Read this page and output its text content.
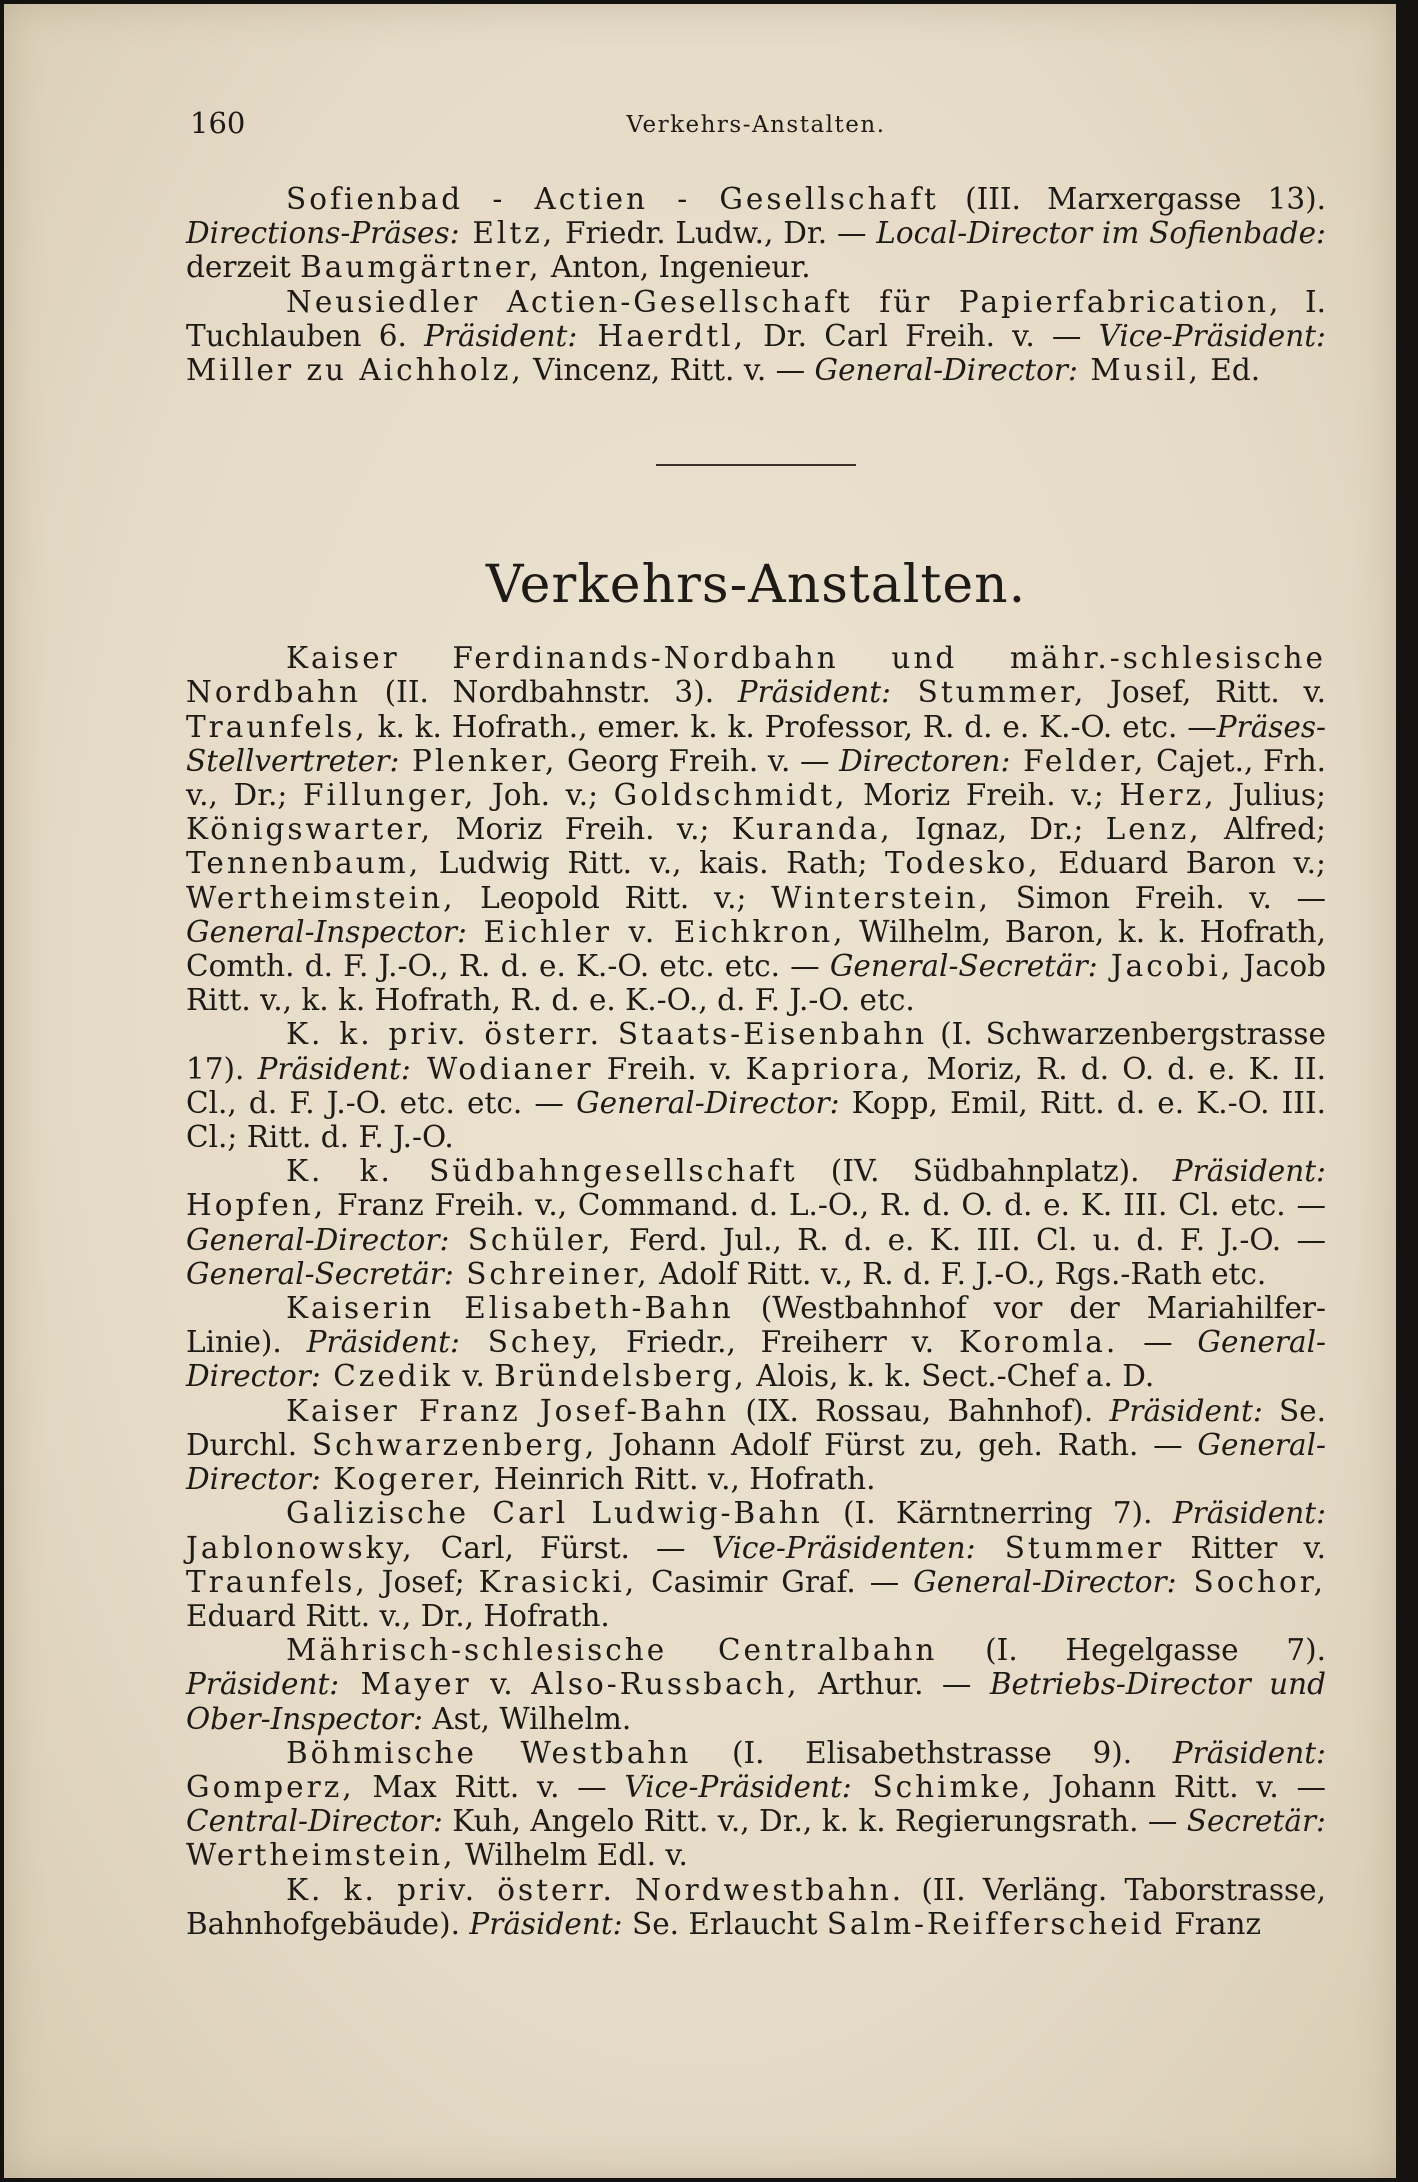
160	Verkehrs-Anstalten.

Sofienbad - Actien - Gesellschaft (III. Marxergasse 13). Directions-Präses: Eltz, Friedr. Ludw., Dr. — Local-Director im Sofienbade: derzeit Baumgärtner, Anton, Ingenieur.

Neusiedler Actien-Gesellschaft für Papierfabrication, I. Tuchlauben 6. Präsident: Haerdtl, Dr. Carl Freih. v. — Vice-Präsident: Miller zu Aichholz, Vincenz, Ritt. v. — General-Director: Musil, Ed.

Verkehrs-Anstalten.

Kaiser Ferdinands-Nordbahn und mähr.-schlesische Nordbahn (II. Nordbahnstr. 3). Präsident: Stummer, Josef, Ritt. v. Traunfels, k. k. Hofrath., emer. k. k. Professor, R. d. e. K.-O. etc. —Präses-Stellvertreter: Plenker, Georg Freih. v. — Directoren: Felder, Cajet., Frh. v., Dr.; Fillunger, Joh. v.; Goldschmidt, Moriz Freih. v.; Herz, Julius; Königswarter, Moriz Freih. v.; Kuranda, Ignaz, Dr.; Lenz, Alfred; Tennenbaum, Ludwig Ritt. v., kais. Rath; Todesko, Eduard Baron v.; Wertheimstein, Leopold Ritt. v.; Winterstein, Simon Freih. v. — General-Inspector: Eichler v. Eichkron, Wilhelm, Baron, k. k. Hofrath, Comth. d. F. J.-O., R. d. e. K.-O. etc. etc. — General-Secretär: Jacobi, Jacob Ritt. v., k. k. Hofrath, R. d. e. K.-O., d. F. J.-O. etc.

K. k. priv. österr. Staats-Eisenbahn (I. Schwarzenbergstrasse 17). Präsident: Wodianer Freih. v. Kapriora, Moriz, R. d. O. d. e. K. II. Cl., d. F. J.-O. etc. etc. — General-Director: Kopp, Emil, Ritt. d. e. K.-O. III. Cl.; Ritt. d. F. J.-O.

K. k. Südbahngesellschaft (IV. Südbahnplatz). Präsident: Hopfen, Franz Freih. v., Command. d. L.-O., R. d. O. d. e. K. III. Cl. etc. — General-Director: Schüler, Ferd. Jul., R. d. e. K. III. Cl. u. d. F. J.-O. — General-Secretär: Schreiner, Adolf Ritt. v., R. d. F. J.-O., Rgs.-Rath etc.

Kaiserin Elisabeth-Bahn (Westbahnhof vor der Mariahilfer-Linie). Präsident: Schey, Friedr., Freiherr v. Koromla. — General-Director: Czedik v. Bründelsberg, Alois, k. k. Sect.-Chef a. D.

Kaiser Franz Josef-Bahn (IX. Rossau, Bahnhof). Präsident: Se. Durchl. Schwarzenberg, Johann Adolf Fürst zu, geh. Rath. — General-Director: Kogerer, Heinrich Ritt. v., Hofrath.

Galizische Carl Ludwig-Bahn (I. Kärntnerring 7). Präsident: Jablonowsky, Carl, Fürst. — Vice-Präsidenten: Stummer Ritter v. Traunfels, Josef; Krasicki, Casimir Graf. — General-Director: Sochor, Eduard Ritt. v., Dr., Hofrath.

Mährisch-schlesische Centralbahn (I. Hegelgasse 7). Präsident: Mayer v. Also-Russbach, Arthur. — Betriebs-Director und Ober-Inspector: Ast, Wilhelm.

Böhmische Westbahn (I. Elisabethstrasse 9). Präsident: Gomperz, Max Ritt. v. — Vice-Präsident: Schimke, Johann Ritt. v. — Central-Director: Kuh, Angelo Ritt. v., Dr., k. k. Regierungsrath. — Secretär: Wertheimstein, Wilhelm Edl. v.

K. k. priv. österr. Nordwestbahn. (II. Verläng. Taborstrasse, Bahnhofgebäude). Präsident: Se. Erlaucht Salm-Reifferscheid Franz
